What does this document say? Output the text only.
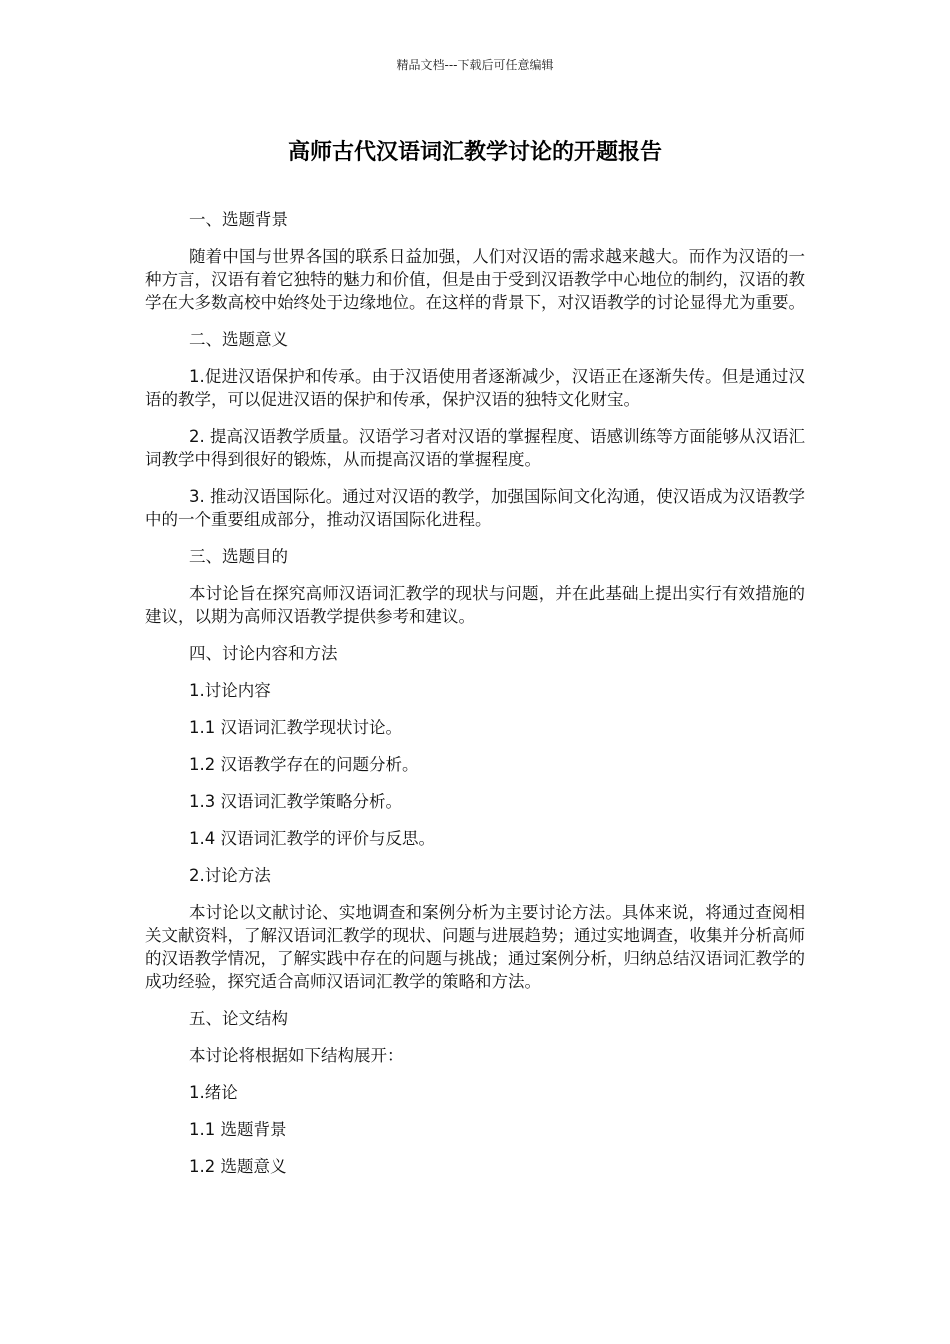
精品文档---下载后可任意编辑
高师古代汉语词汇教学讨论的开题报告

一、选题背景

随着中国与世界各国的联系日益加强，人们对汉语的需求越来越大。而作为汉语的一种方言，汉语有着它独特的魅力和价值，但是由于受到汉语教学中心地位的制约，汉语的教学在大多数高校中始终处于边缘地位。在这样的背景下，对汉语教学的讨论显得尤为重要。

二、选题意义

1.促进汉语保护和传承。由于汉语使用者逐渐减少，汉语正在逐渐失传。但是通过汉语的教学，可以促进汉语的保护和传承，保护汉语的独特文化财宝。

2. 提高汉语教学质量。汉语学习者对汉语的掌握程度、语感训练等方面能够从汉语汇词教学中得到很好的锻炼，从而提高汉语的掌握程度。

3. 推动汉语国际化。通过对汉语的教学，加强国际间文化沟通，使汉语成为汉语教学中的一个重要组成部分，推动汉语国际化进程。

三、选题目的

本讨论旨在探究高师汉语词汇教学的现状与问题，并在此基础上提出实行有效措施的建议，以期为高师汉语教学提供参考和建议。

四、讨论内容和方法

1.讨论内容

1.1 汉语词汇教学现状讨论。

1.2 汉语教学存在的问题分析。

1.3 汉语词汇教学策略分析。

1.4 汉语词汇教学的评价与反思。

2.讨论方法

本讨论以文献讨论、实地调查和案例分析为主要讨论方法。具体来说，将通过查阅相关文献资料，了解汉语词汇教学的现状、问题与进展趋势；通过实地调查，收集并分析高师的汉语教学情况，了解实践中存在的问题与挑战；通过案例分析，归纳总结汉语词汇教学的成功经验，探究适合高师汉语词汇教学的策略和方法。

五、论文结构

本讨论将根据如下结构展开：

1.绪论

1.1 选题背景

1.2 选题意义
